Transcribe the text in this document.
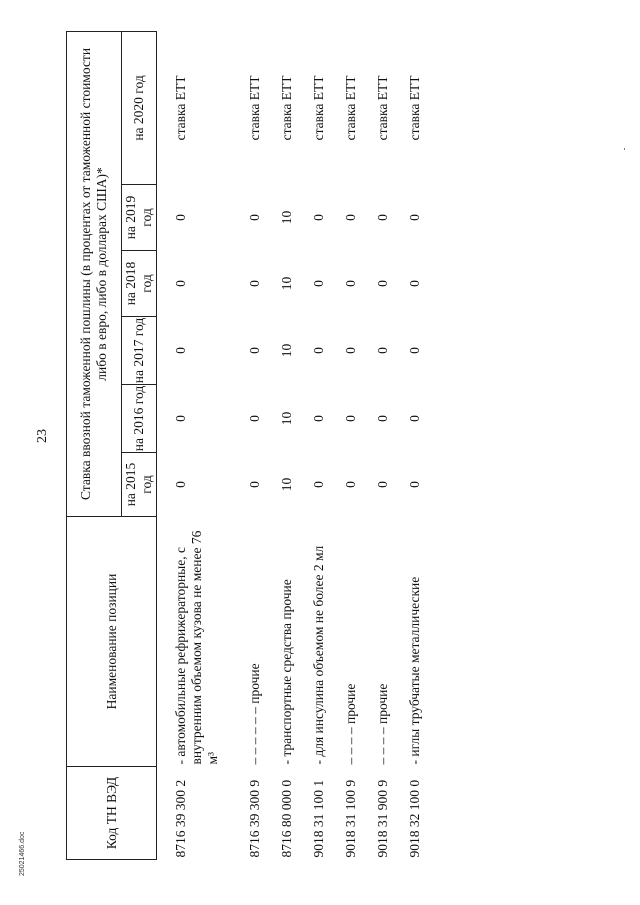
23
25021466.doc
Код ТН ВЭД	Наименование позиции	Ставка ввозной таможенной пошлины (в процентах от таможенной стоимости либо в евро, либо в долларах США)*					
		на 2015 год	на 2016 год	на 2017 год	на 2018 год	на 2019 год	на 2020 год
8716 39 300 2	- автомобильные рефрижераторные, с внутренним объемом кузова не менее 76 м³	0	0	0	0	0	ставка ЕТТ
8716 39 300 9	– – – – – – прочие	0	0	0	0	0	ставка ЕТТ
8716 80 000 0	- транспортные средства прочие	10	10	10	10	10	ставка ЕТТ
9018 31 100 1	- для инсулина объемом не более 2 мл	0	0	0	0	0	ставка ЕТТ
9018 31 100 9	– – – – прочие	0	0	0	0	0	ставка ЕТТ
9018 31 900 9	– – – – прочие	0	0	0	0	0	ставка ЕТТ
9018 32 100 0	- иглы трубчатые металлические	0	0	0	0	0	ставка ЕТТ
